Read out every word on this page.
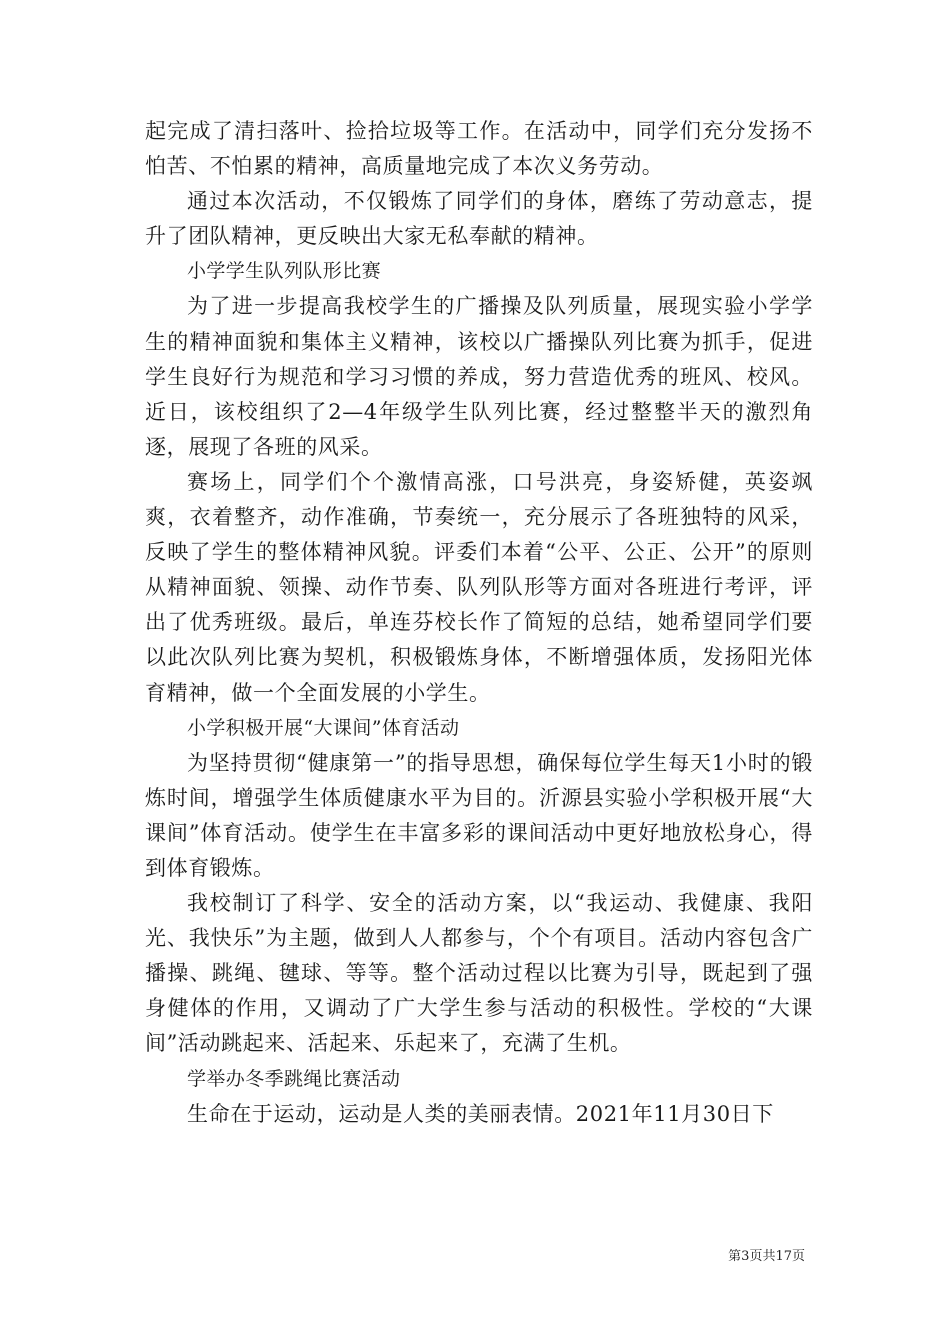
起完成了清扫落叶、捡拾垃圾等工作。在活动中，同学们充分发扬不怕苦、不怕累的精神，高质量地完成了本次义务劳动。

通过本次活动，不仅锻炼了同学们的身体，磨练了劳动意志，提升了团队精神，更反映出大家无私奉献的精神。

小学学生队列队形比赛

为了进一步提高我校学生的广播操及队列质量，展现实验小学学生的精神面貌和集体主义精神，该校以广播操队列比赛为抓手，促进学生良好行为规范和学习习惯的养成，努力营造优秀的班风、校风。近日，该校组织了2—4年级学生队列比赛，经过整整半天的激烈角逐，展现了各班的风采。

赛场上，同学们个个激情高涨，口号洪亮，身姿矫健，英姿飒爽，衣着整齐，动作准确，节奏统一，充分展示了各班独特的风采，反映了学生的整体精神风貌。评委们本着“公平、公正、公开”的原则从精神面貌、领操、动作节奏、队列队形等方面对各班进行考评，评出了优秀班级。最后，单连芬校长作了简短的总结，她希望同学们要以此次队列比赛为契机，积极锻炼身体，不断增强体质，发扬阳光体育精神，做一个全面发展的小学生。

小学积极开展“大课间”体育活动

为坚持贯彻“健康第一”的指导思想，确保每位学生每天1小时的锻炼时间，增强学生体质健康水平为目的。沂源县实验小学积极开展“大课间”体育活动。使学生在丰富多彩的课间活动中更好地放松身心，得到体育锻炼。

我校制订了科学、安全的活动方案，以“我运动、我健康、我阳光、我快乐”为主题，做到人人都参与，个个有项目。活动内容包含广播操、跳绳、毽球、等等。整个活动过程以比赛为引导，既起到了强身健体的作用，又调动了广大学生参与活动的积极性。学校的“大课间”活动跳起来、活起来、乐起来了，充满了生机。

学举办冬季跳绳比赛活动

生命在于运动，运动是人类的美丽表情。2021年11月30日下

第3页共17页
